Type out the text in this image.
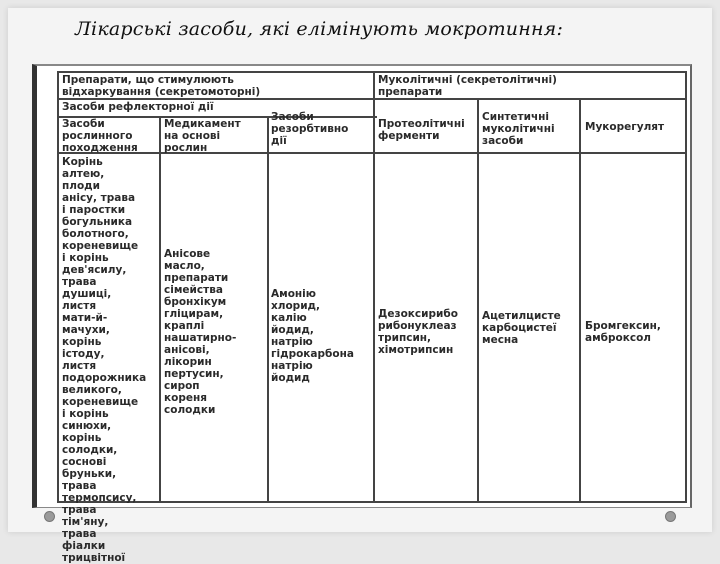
Лікарські засоби, які елімінують мокротиння:
Препарати, що стимулюють
відхаркування (секретомоторні)
Муколітичні (секретолітичні)
препарати
Засоби рефлекторної дії
Засоби
рослинного
походження
Медикамент
на основі
рослин
Засоби
резорбтивно
дії
Протеолітичні
ферменти
Синтетичні
муколітичні
засоби
Мукорегулят
Корінь
алтею,
плоди
анісу, трава
і паростки
богульника
болотного,
кореневище
і корінь
дев'ясилу,
трава
душиці,
листя
мати-й-
мачухи,
корінь
істоду,
листя
подорожника
великого,
кореневище
і корінь
синюхи,
корінь
солодки,
соснові
бруньки,
трава
термопсису,
трава
тім'яну,
трава
фіалки
трицвітної
Анісове
масло,
препарати
сімейства
бронхікум
гліцирам,
краплі
нашатирно-
анісові,
лікорин
пертусин,
сироп
кореня
солодки
Амонію
хлорид,
калію
йодид,
натрію
гідрокарбона
натрію
йодид
Дезоксирибо
рибонуклеаз
трипсин,
хімотрипсин
Ацетилцисте
карбоцистеї
месна
Бромгексин,
амброксол
